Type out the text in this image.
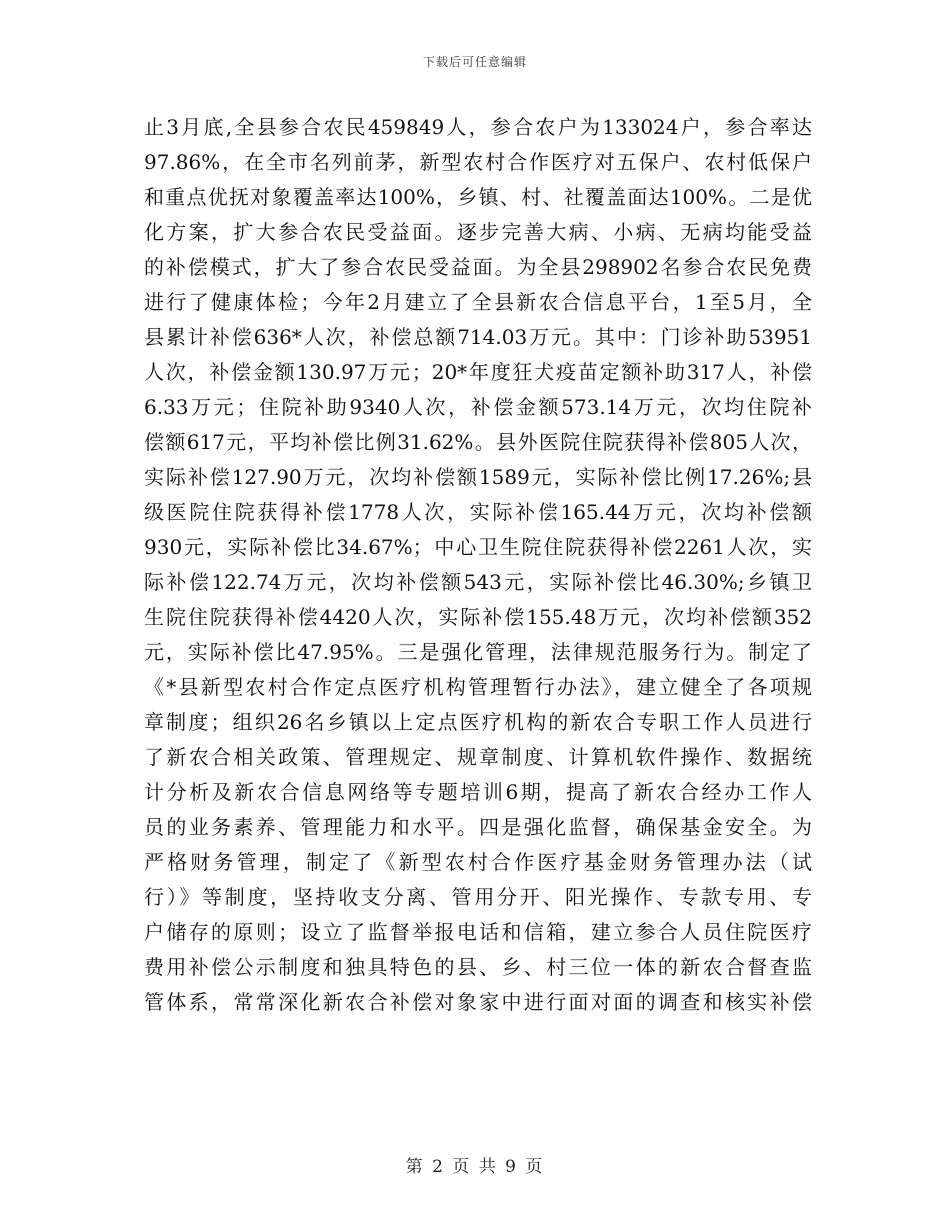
下载后可任意编辑
止3月底,全县参合农民459849人，参合农户为133024户，参合率达
97.86%，在全市名列前茅，新型农村合作医疗对五保户、农村低保户
和重点优抚对象覆盖率达100%，乡镇、村、社覆盖面达100%。二是优
化方案，扩大参合农民受益面。逐步完善大病、小病、无病均能受益
的补偿模式，扩大了参合农民受益面。为全县298902名参合农民免费
进行了健康体检；今年2月建立了全县新农合信息平台，1至5月，全
县累计补偿636*人次，补偿总额714.03万元。其中：门诊补助53951
人次，补偿金额130.97万元；20*年度狂犬疫苗定额补助317人，补偿
6.33万元；住院补助9340人次，补偿金额573.14万元，次均住院补
偿额617元，平均补偿比例31.62%。县外医院住院获得补偿805人次，
实际补偿127.90万元，次均补偿额1589元，实际补偿比例17.26%;县
级医院住院获得补偿1778人次，实际补偿165.44万元，次均补偿额
930元，实际补偿比34.67%；中心卫生院住院获得补偿2261人次，实
际补偿122.74万元，次均补偿额543元，实际补偿比46.30%;乡镇卫
生院住院获得补偿4420人次，实际补偿155.48万元，次均补偿额352
元，实际补偿比47.95%。三是强化管理，法律规范服务行为。制定了
《*县新型农村合作定点医疗机构管理暂行办法》，建立健全了各项规
章制度；组织26名乡镇以上定点医疗机构的新农合专职工作人员进行
了新农合相关政策、管理规定、规章制度、计算机软件操作、数据统
计分析及新农合信息网络等专题培训6期，提高了新农合经办工作人
员的业务素养、管理能力和水平。四是强化监督，确保基金安全。为
严格财务管理，制定了《新型农村合作医疗基金财务管理办法（试
行）》等制度，坚持收支分离、管用分开、阳光操作、专款专用、专
户储存的原则；设立了监督举报电话和信箱，建立参合人员住院医疗
费用补偿公示制度和独具特色的县、乡、村三位一体的新农合督查监
管体系，常常深化新农合补偿对象家中进行面对面的调查和核实补偿
第 2 页 共 9 页
